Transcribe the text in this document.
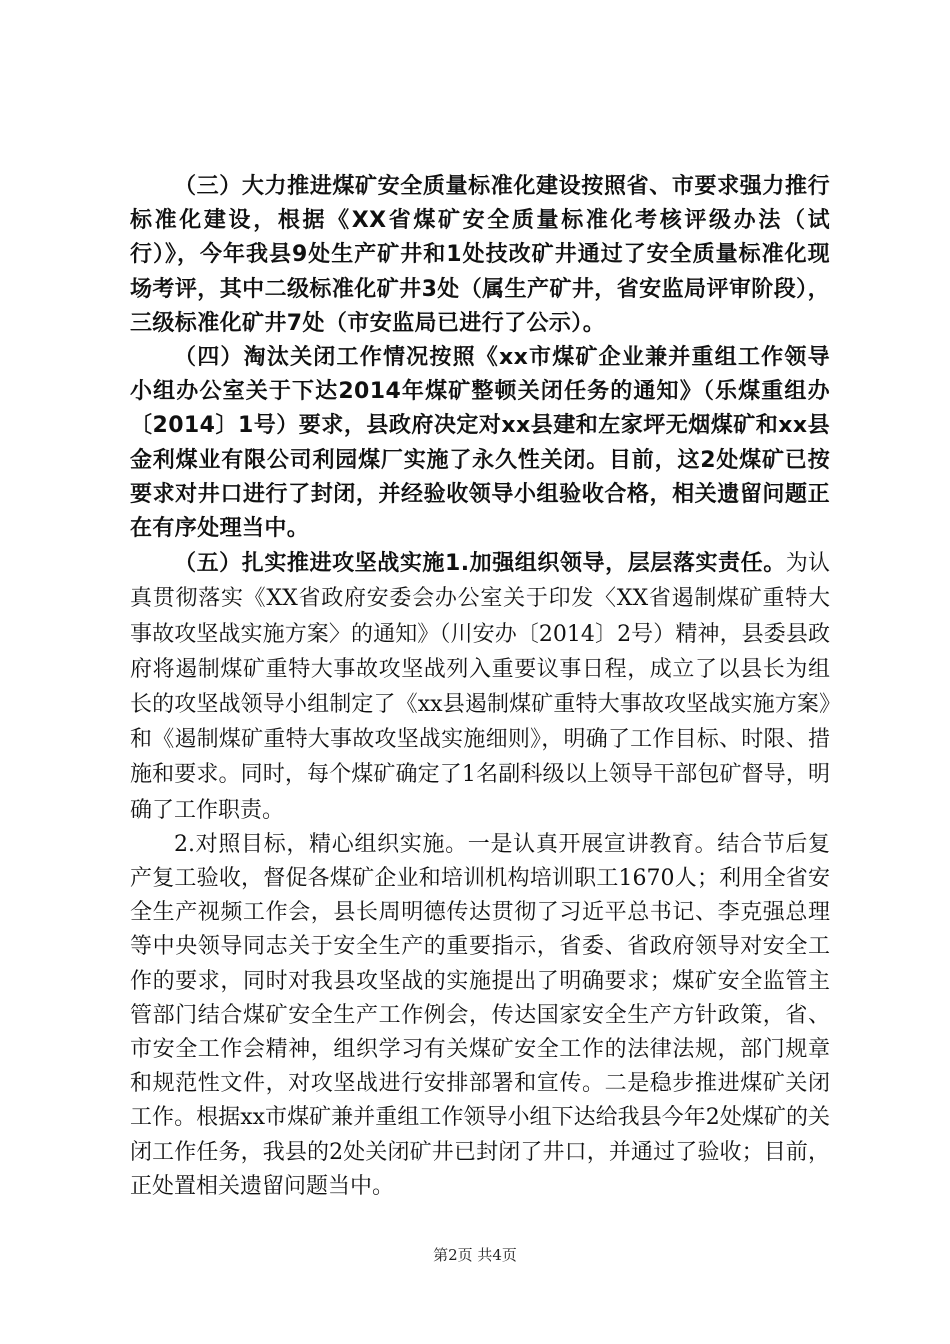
（三）大力推进煤矿安全质量标准化建设按照省、市要求强力推行标准化建设，根据《XX省煤矿安全质量标准化考核评级办法（试行）》，今年我县9处生产矿井和1处技改矿井通过了安全质量标准化现场考评，其中二级标准化矿井3处（属生产矿井，省安监局评审阶段），三级标准化矿井7处（市安监局已进行了公示）。

（四）淘汰关闭工作情况按照《xx市煤矿企业兼并重组工作领导小组办公室关于下达2014年煤矿整顿关闭任务的通知》（乐煤重组办〔2014〕1号）要求，县政府决定对xx县建和左家坪无烟煤矿和xx县金利煤业有限公司利园煤厂实施了永久性关闭。目前，这2处煤矿已按要求对井口进行了封闭，并经验收领导小组验收合格，相关遗留问题正在有序处理当中。

（五）扎实推进攻坚战实施1.加强组织领导，层层落实责任。为认真贯彻落实《XX省政府安委会办公室关于印发〈XX省遏制煤矿重特大事故攻坚战实施方案〉的通知》（川安办〔2014〕2号）精神，县委县政府将遏制煤矿重特大事故攻坚战列入重要议事日程，成立了以县长为组长的攻坚战领导小组制定了《xx县遏制煤矿重特大事故攻坚战实施方案》和《遏制煤矿重特大事故攻坚战实施细则》，明确了工作目标、时限、措施和要求。同时，每个煤矿确定了1名副科级以上领导干部包矿督导，明确了工作职责。

2.对照目标，精心组织实施。一是认真开展宣讲教育。结合节后复产复工验收，督促各煤矿企业和培训机构培训职工1670人；利用全省安全生产视频工作会，县长周明德传达贯彻了习近平总书记、李克强总理等中央领导同志关于安全生产的重要指示，省委、省政府领导对安全工作的要求，同时对我县攻坚战的实施提出了明确要求；煤矿安全监管主管部门结合煤矿安全生产工作例会，传达国家安全生产方针政策，省、市安全工作会精神，组织学习有关煤矿安全工作的法律法规，部门规章和规范性文件，对攻坚战进行安排部署和宣传。二是稳步推进煤矿关闭工作。根据xx市煤矿兼并重组工作领导小组下达给我县今年2处煤矿的关闭工作任务，我县的2处关闭矿井已封闭了井口，并通过了验收；目前，正处置相关遗留问题当中。

第2页 共4页
